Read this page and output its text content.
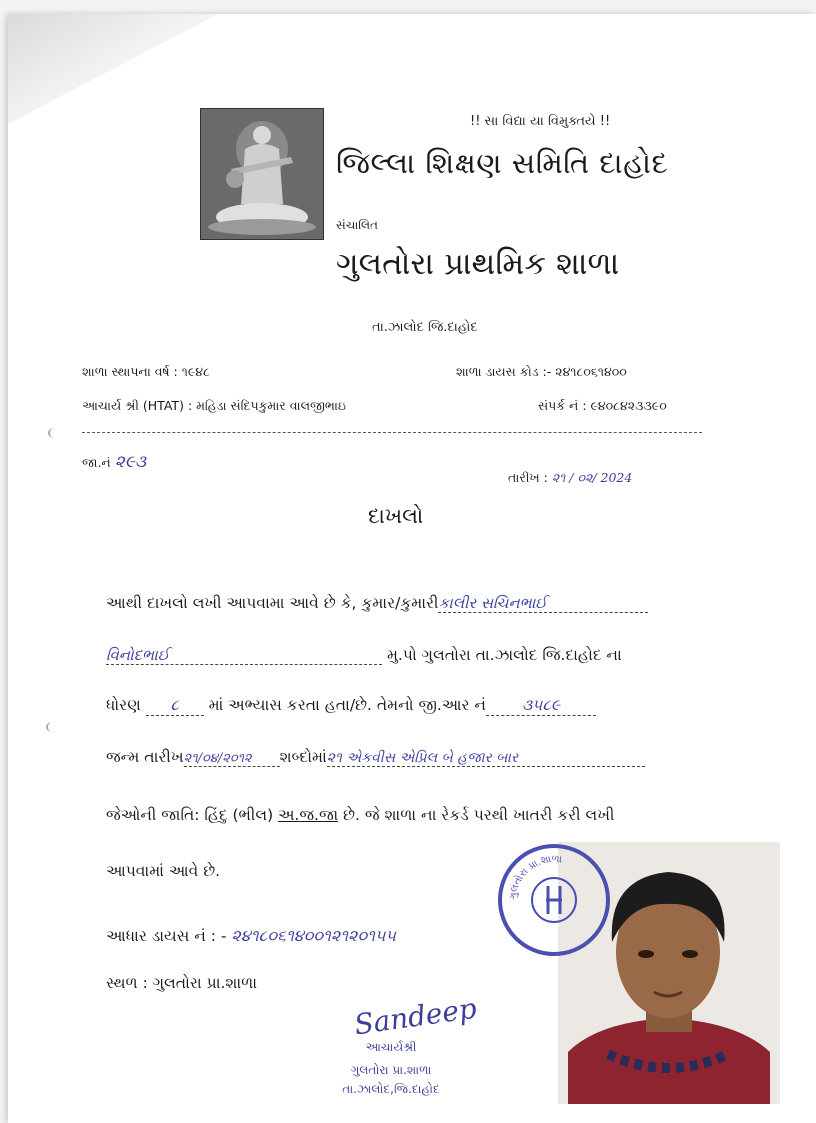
!! સા વિદ્યા યા વિમુક્તયે !!
જિલ્લા શિક્ષણ સમિતિ દાહોદ
સંચાલિત
ગુલતોરા પ્રાથમિક શાળા
તા.ઝાલોદ જિ.દાહોદ
શાળા સ્થાપના વર્ષ : ૧૯૪૮	શાળા ડાયસ કોડ :- ૨૪૧૮૦૬૧૪૦૦
આચાર્ય શ્રી (HTAT) : મહિડા સંદિપકુમાર વાલજીભાઇ	સંપર્ક નં : ૯૪૦૮૪૨૩૩૯૦
જા.નં ૨૯૩
તારીખ : ૨૧ / ૦૨/ 2024
દાખલો
આથી દાખલો લખી આપવામા આવે છે કે, કુમાર/કુમારીકાલીર સચિનભાઈ
વિનોદભાઈ	મુ.પો ગુલતોરા તા.ઝાલોદ જિ.દાહોદ ના
ધોરણ ૮ માં અભ્યાસ કરતા હતા/છે. તેમનો જી.આર નં ૩૫૮૯
જન્મ તારીખ૨૧/૦૪/૨૦૧૨ શબ્દોમાં૨૧ એકવીસ એપ્રિલ બે હજાર બાર
જેઓની જાતિ: હિંદુ (ભીલ) અ.જ.જા છે. જે શાળા ના રેકર્ડ પરથી ખાતરી કરી લખી
આપવામાં આવે છે.
આધાર ડાયસ નં : - ૨૪૧૮૦૬૧૪૦૦૧૨૧૨૦૧૫૫
સ્થળ : ગુલતોરા પ્રા.શાળા
Sandeep
આચાર્યશ્રી
ગુલતોરા પ્રા.શાળા
તા.ઝાલોદ,જિ.દાહોદ
ગુલતોરા પ્રા.શાળા
